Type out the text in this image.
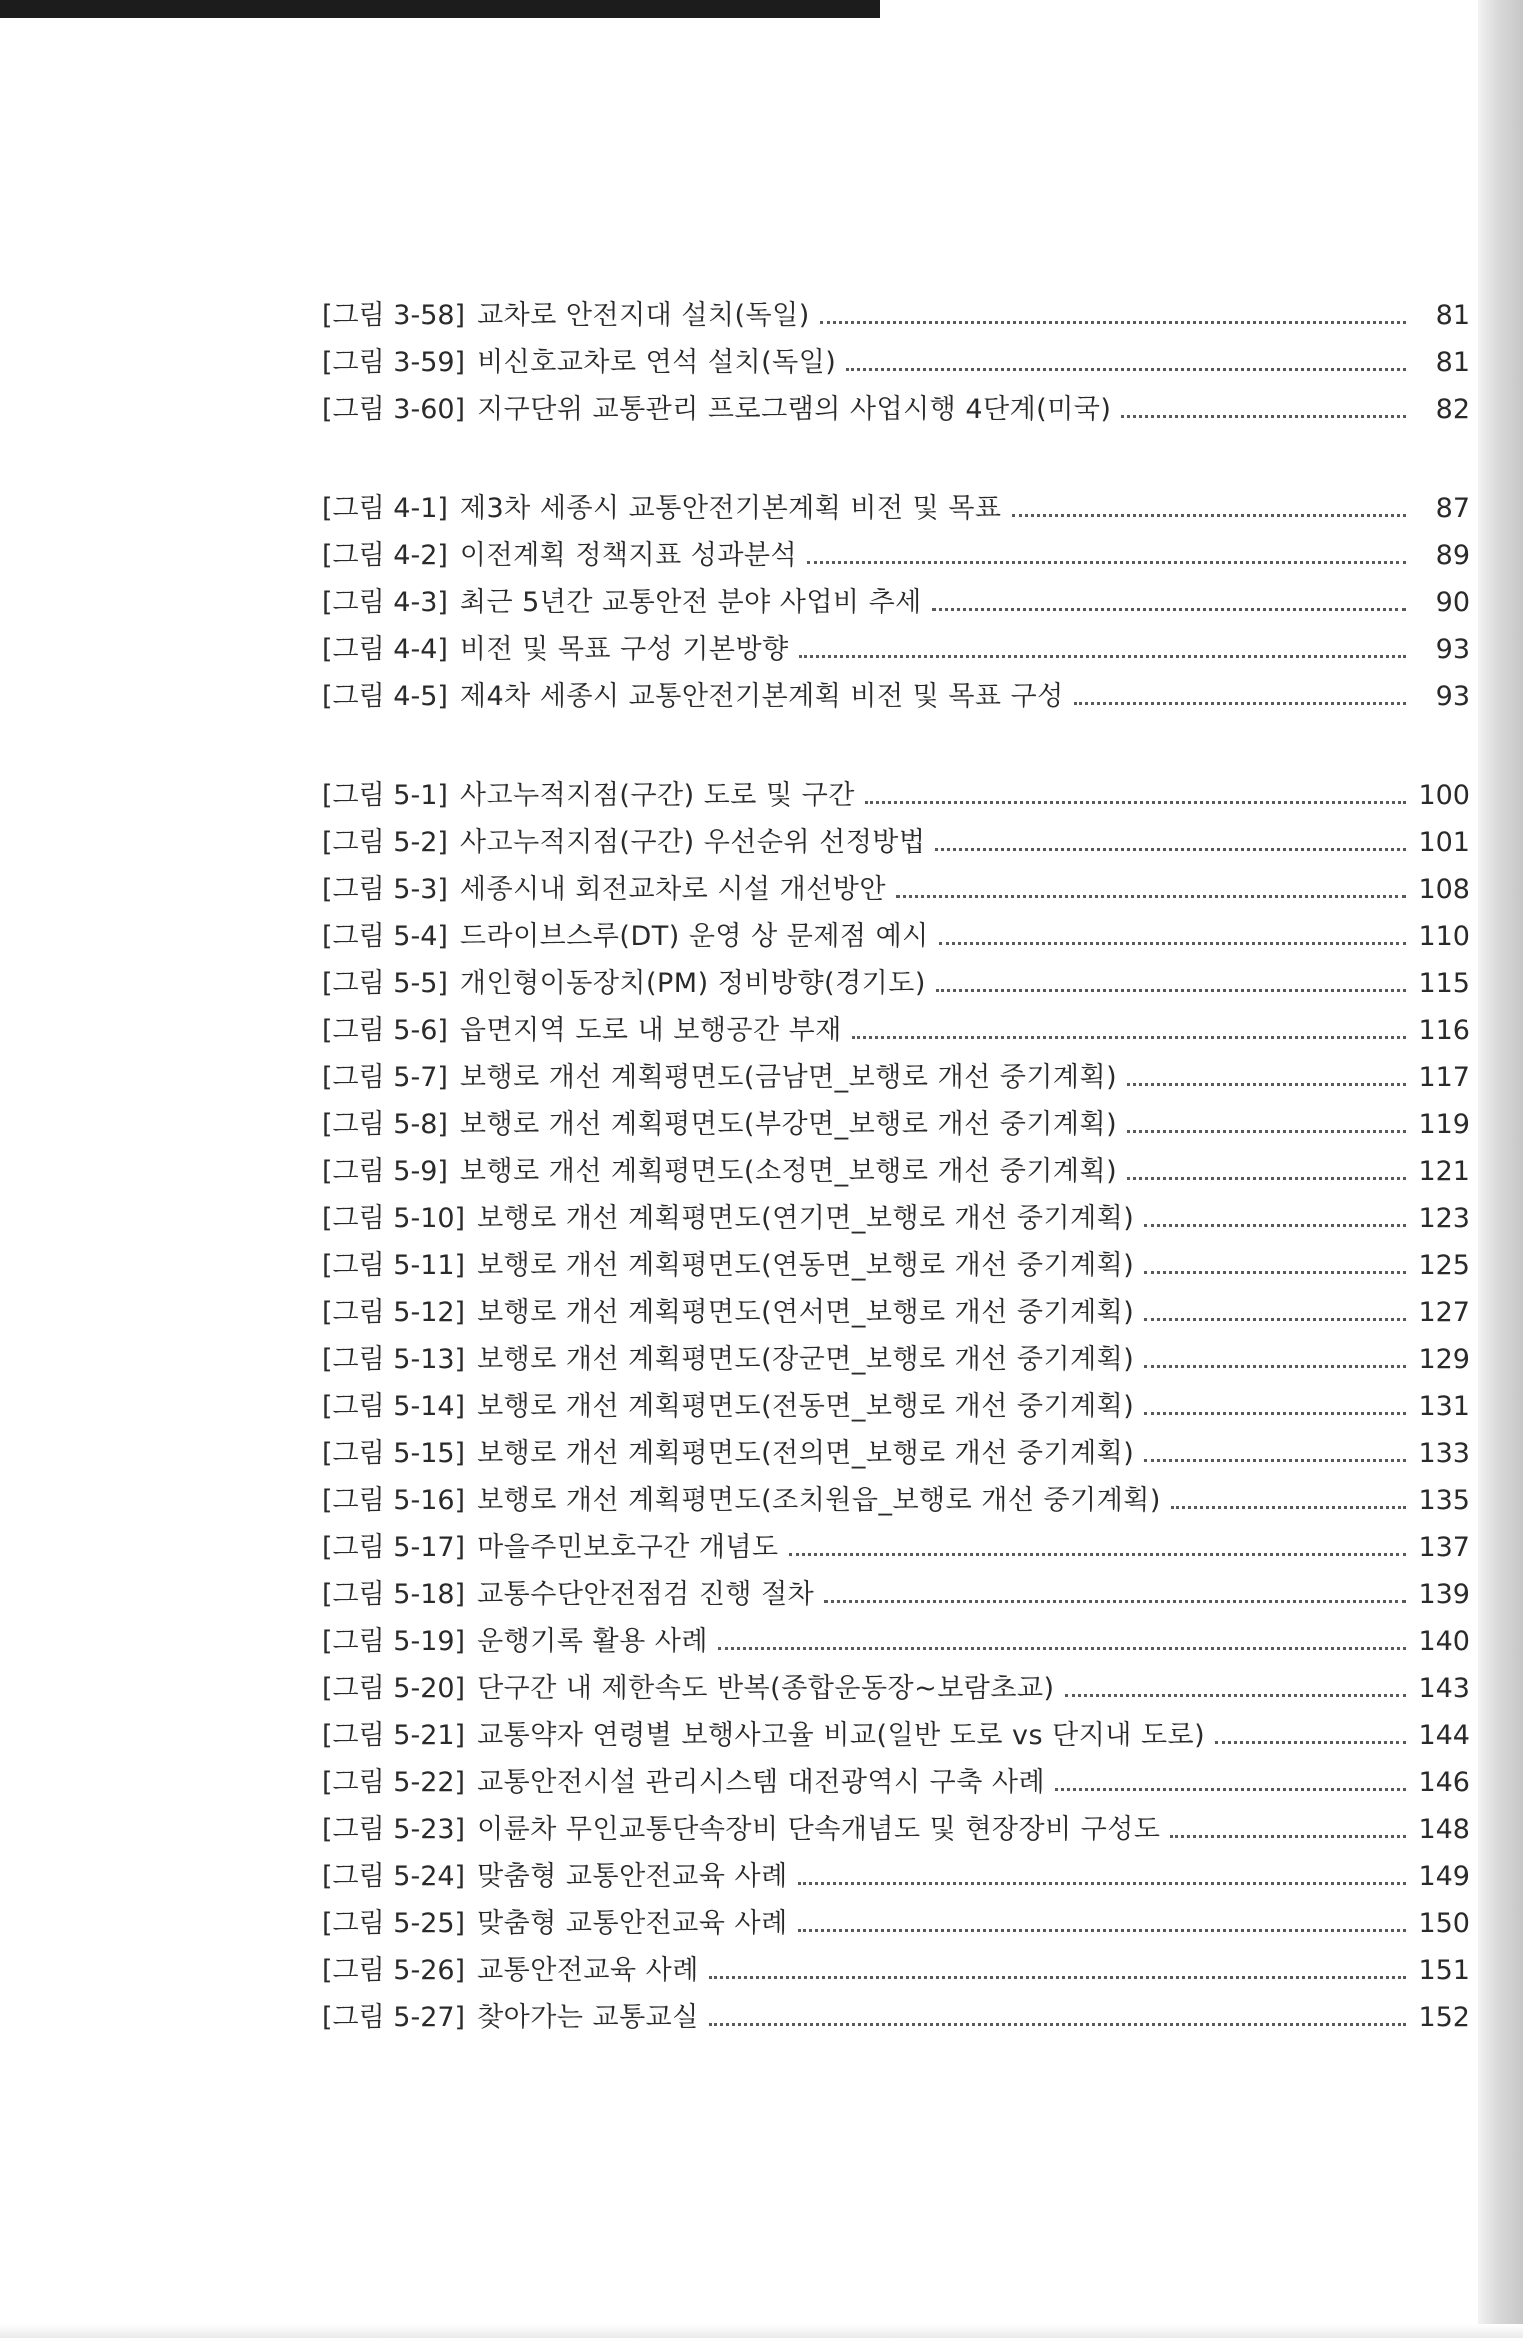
[그림 3-58] 교차로 안전지대 설치(독일)	81
[그림 3-59] 비신호교차로 연석 설치(독일)	81
[그림 3-60] 지구단위 교통관리 프로그램의 사업시행 4단계(미국)	82
[그림 4-1] 제3차 세종시 교통안전기본계획 비전 및 목표	87
[그림 4-2] 이전계획 정책지표 성과분석	89
[그림 4-3] 최근 5년간 교통안전 분야 사업비 추세	90
[그림 4-4] 비전 및 목표 구성 기본방향	93
[그림 4-5] 제4차 세종시 교통안전기본계획 비전 및 목표 구성	93
[그림 5-1] 사고누적지점(구간) 도로 및 구간	100
[그림 5-2] 사고누적지점(구간) 우선순위 선정방법	101
[그림 5-3] 세종시내 회전교차로 시설 개선방안	108
[그림 5-4] 드라이브스루(DT) 운영 상 문제점 예시	110
[그림 5-5] 개인형이동장치(PM) 정비방향(경기도)	115
[그림 5-6] 읍면지역 도로 내 보행공간 부재	116
[그림 5-7] 보행로 개선 계획평면도(금남면_보행로 개선 중기계획)	117
[그림 5-8] 보행로 개선 계획평면도(부강면_보행로 개선 중기계획)	119
[그림 5-9] 보행로 개선 계획평면도(소정면_보행로 개선 중기계획)	121
[그림 5-10] 보행로 개선 계획평면도(연기면_보행로 개선 중기계획)	123
[그림 5-11] 보행로 개선 계획평면도(연동면_보행로 개선 중기계획)	125
[그림 5-12] 보행로 개선 계획평면도(연서면_보행로 개선 중기계획)	127
[그림 5-13] 보행로 개선 계획평면도(장군면_보행로 개선 중기계획)	129
[그림 5-14] 보행로 개선 계획평면도(전동면_보행로 개선 중기계획)	131
[그림 5-15] 보행로 개선 계획평면도(전의면_보행로 개선 중기계획)	133
[그림 5-16] 보행로 개선 계획평면도(조치원읍_보행로 개선 중기계획)	135
[그림 5-17] 마을주민보호구간 개념도	137
[그림 5-18] 교통수단안전점검 진행 절차	139
[그림 5-19] 운행기록 활용 사례	140
[그림 5-20] 단구간 내 제한속도 반복(종합운동장~보람초교)	143
[그림 5-21] 교통약자 연령별 보행사고율 비교(일반 도로 vs 단지내 도로)	144
[그림 5-22] 교통안전시설 관리시스템 대전광역시 구축 사례	146
[그림 5-23] 이륜차 무인교통단속장비 단속개념도 및 현장장비 구성도	148
[그림 5-24] 맞춤형 교통안전교육 사례	149
[그림 5-25] 맞춤형 교통안전교육 사례	150
[그림 5-26] 교통안전교육 사례	151
[그림 5-27] 찾아가는 교통교실	152
